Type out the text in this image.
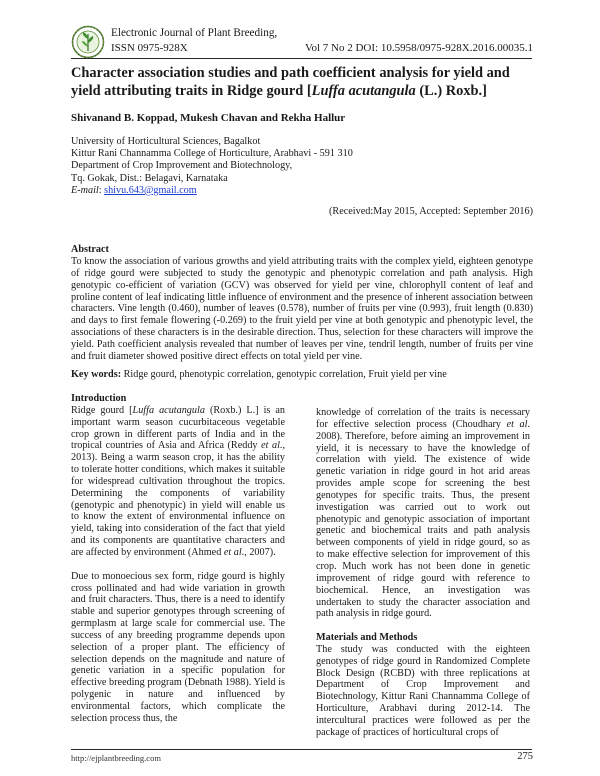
Electronic Journal of Plant Breeding,
ISSN 0975-928X	Vol 7 No 2 DOI: 10.5958/0975-928X.2016.00035.1
Character association studies and path coefficient analysis for yield and yield attributing traits in Ridge gourd [Luffa acutangula (L.) Roxb.]
Shivanand B. Koppad, Mukesh Chavan and Rekha Hallur
University of Horticultural Sciences, Bagalkot
Kittur Rani Channamma College of Horticulture, Arabhavi - 591 310
Department of Crop Improvement and Biotechnology,
Tq. Gokak, Dist.: Belagavi, Karnataka
E-mail: shivu.643@gmail.com
(Received:May 2015, Accepted: September 2016)
Abstract
To know the association of various growths and yield attributing traits with the complex yield, eighteen genotype of ridge gourd were subjected to study the genotypic and phenotypic correlation and path analysis. High genotypic co-efficient of variation (GCV) was observed for yield per vine, chlorophyll content of leaf and proline content of leaf indicating little influence of environment and the presence of inherent association between characters. Vine length (0.460), number of leaves (0.578), number of fruits per vine (0.993), fruit length (0.830) and days to first female flowering (-0.269) to the fruit yield per vine at both genotypic and phenotypic level, the associations of these characters is in the desirable direction. Thus, selection for these characters will improve the yield. Path coefficient analysis revealed that number of leaves per vine, tendril length, number of fruits per vine and fruit diameter showed positive direct effects on total yield per vine.
Key words: Ridge gourd, phenotypic correlation, genotypic correlation, Fruit yield per vine
Introduction

Ridge gourd [Luffa acutangula (Roxb.) L.] is an important warm season cucurbitaceous vegetable crop grown in different parts of India and in the tropical countries of Asia and Africa (Reddy et al., 2013). Being a warm season crop, it has the ability to tolerate hotter conditions, which makes it suitable for widespread cultivation throughout the tropics. Determining the components of variability (genotypic and phenotypic) in yield will enable us to know the extent of environmental influence on yield, taking into consideration of the fact that yield and its components are quantitative characters and are affected by environment (Ahmed et al., 2007).

Due to monoecious sex form, ridge gourd is highly cross pollinated and had wide variation in growth and fruit characters. Thus, there is a need to identify stable and superior genotypes through screening of germplasm at large scale for commercial use. The success of any breeding programme depends upon selection of a proper plant. The efficiency of selection depends on the magnitude and nature of genetic variation in a specific population for effective breeding program (Debnath 1988). Yield is polygenic in nature and influenced by environmental factors, which complicate the selection process thus, the

knowledge of correlation of the traits is necessary for effective selection process (Choudhary et al. 2008). Therefore, before aiming an improvement in yield, it is necessary to have the knowledge of correlation with yield. The existence of wide genetic variation in ridge gourd in hot arid areas provides ample scope for screening the best genotypes for specific traits. Thus, the present investigation was carried out to work out phenotypic and genotypic association of important genetic and biochemical traits and path analysis between components of yield in ridge gourd, so as to make effective selection for improvement of this crop. Much work has not been done in genetic improvement of ridge gourd with reference to biochemical. Hence, an investigation was undertaken to study the character association and path analysis in ridge gourd.

Materials and Methods

The study was conducted with the eighteen genotypes of ridge gourd in Randomized Complete Block Design (RCBD) with three replications at Department of Crop Improvement and Biotechnology, Kittur Rani Channamma College of Horticulture, Arabhavi during 2012-14. The intercultural practices were followed as per the package of practices of horticultural crops of

http://ejplantbreeding.com	275
